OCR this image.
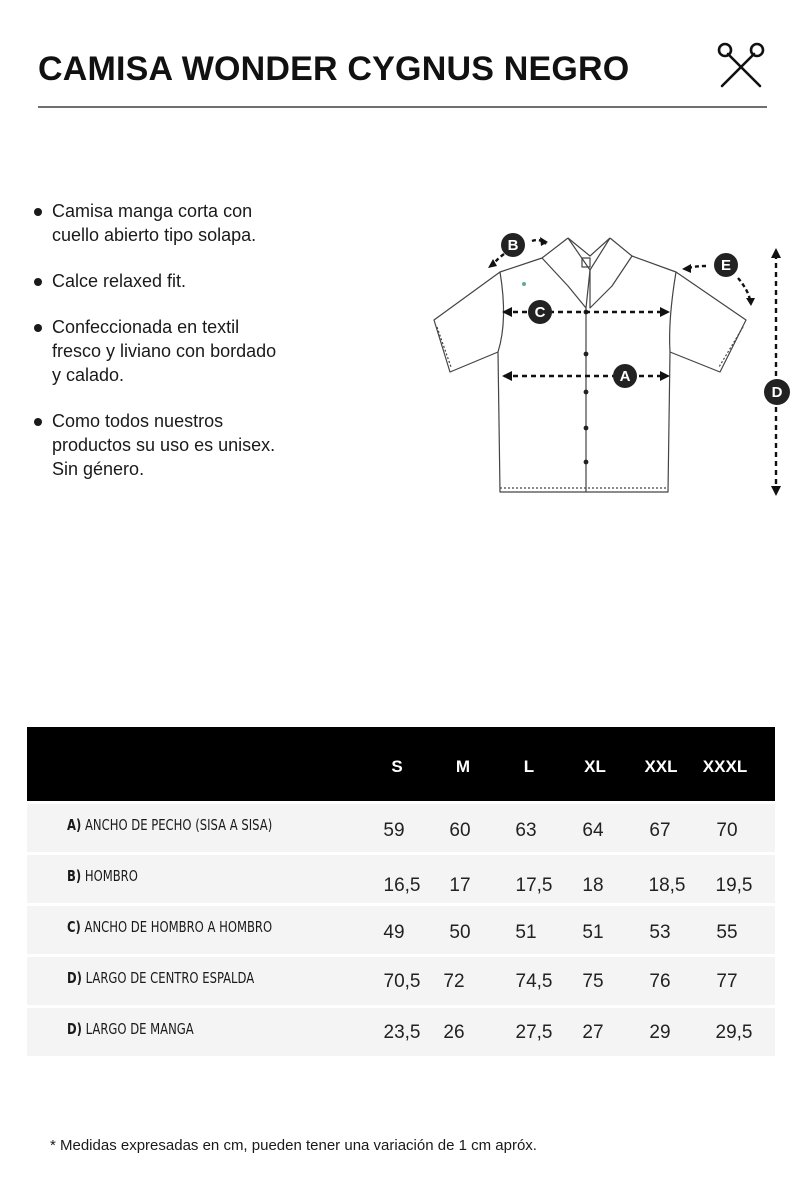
CAMISA WONDER CYGNUS NEGRO
Camisa manga corta con
cuello abierto tipo solapa.
Calce relaxed fit.
Confeccionada en textil
fresco y liviano con bordado
y calado.
Como todos nuestros
productos su uso es unisex.
Sin género.
C
A
B
E
D
S	M	L	XL	XXL	XXXL
A) ANCHO DE PECHO (SISA A SISA)	59	60	63	64	67	70
B) HOMBRO	16,5	17	17,5	18	18,5	19,5
C) ANCHO DE HOMBRO A HOMBRO	49	50	51	51	53	55
D) LARGO DE CENTRO ESPALDA	70,5	72	74,5	75	76	77
D) LARGO DE MANGA	23,5	26	27,5	27	29	29,5

* Medidas expresadas en cm, pueden tener una variación de 1 cm apróx.
